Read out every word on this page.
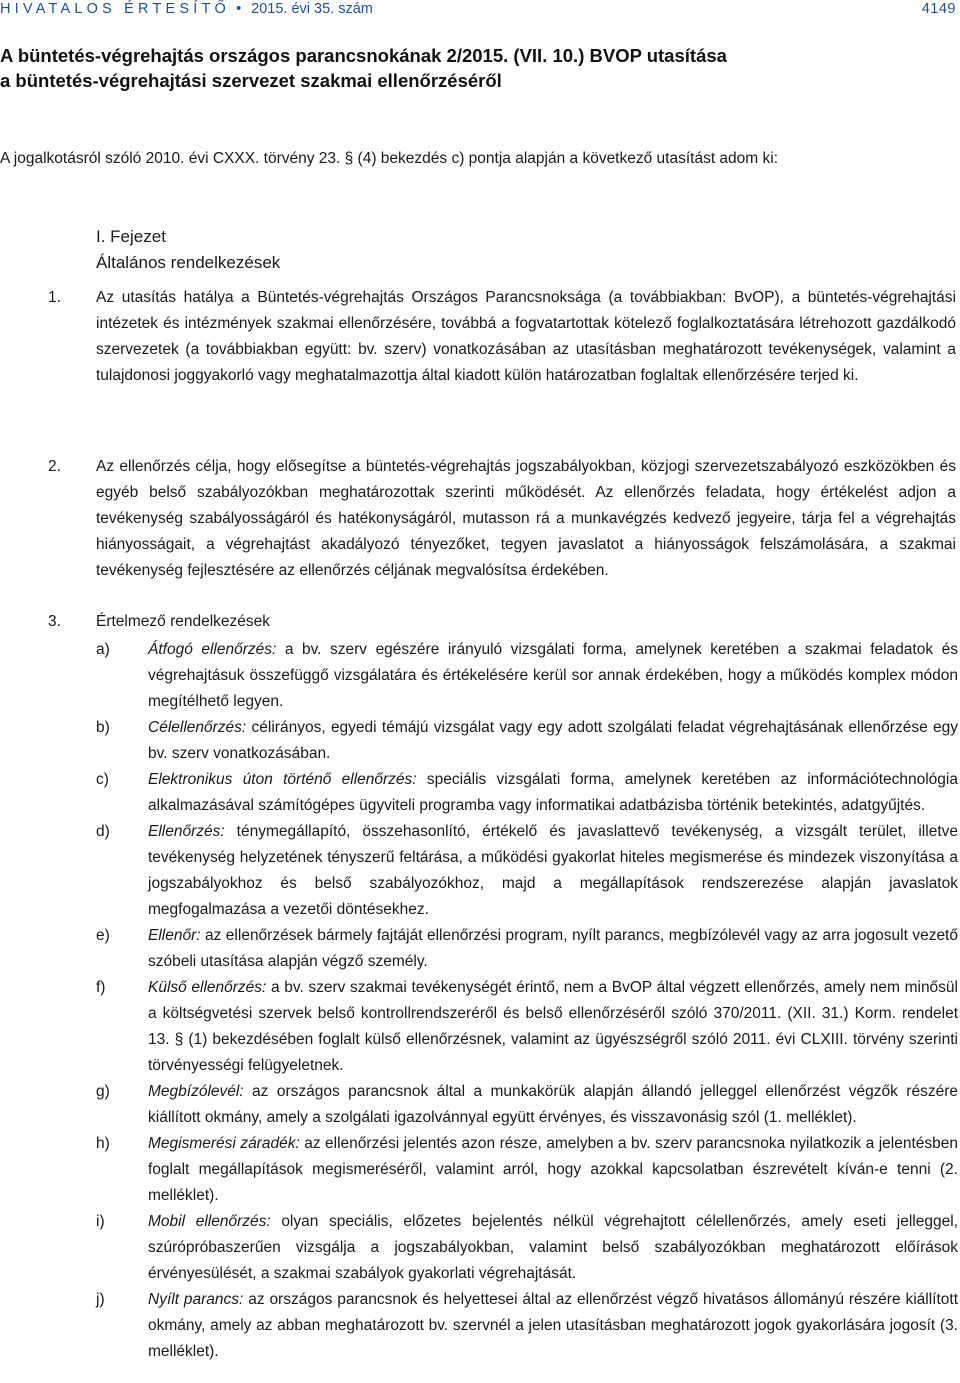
HIVATALOS ÉRTESÍTŐ • 2015. évi 35. szám	4149
A büntetés-végrehajtás országos parancsnokának 2/2015. (VII. 10.) BVOP utasítása
a büntetés-végrehajtási szervezet szakmai ellenőrzéséről
A jogalkotásról szóló 2010. évi CXXX. törvény 23. § (4) bekezdés c) pontja alapján a következő utasítást adom ki:
I. Fejezet
Általános rendelkezések
1. Az utasítás hatálya a Büntetés-végrehajtás Országos Parancsnoksága (a továbbiakban: BvOP), a büntetés-végrehajtási intézetek és intézmények szakmai ellenőrzésére, továbbá a fogvatartottak kötelező foglalkoztatására létrehozott gazdálkodó szervezetek (a továbbiakban együtt: bv. szerv) vonatkozásában az utasításban meghatározott tevékenységek, valamint a tulajdonosi joggyakorló vagy meghatalmazottja által kiadott külön határozatban foglaltak ellenőrzésére terjed ki.
2. Az ellenőrzés célja, hogy elősegítse a büntetés-végrehajtás jogszabályokban, közjogi szervezetszabályozó eszközökben és egyéb belső szabályozókban meghatározottak szerinti működését. Az ellenőrzés feladata, hogy értékelést adjon a tevékenység szabályosságáról és hatékonyságáról, mutasson rá a munkavégzés kedvező jegyeire, tárja fel a végrehajtás hiányosságait, a végrehajtást akadályozó tényezőket, tegyen javaslatot a hiányosságok felszámolására, a szakmai tevékenység fejlesztésére az ellenőrzés céljának megvalósítsa érdekében.
3. Értelmező rendelkezések
a) Átfogó ellenőrzés: a bv. szerv egészére irányuló vizsgálati forma, amelynek keretében a szakmai feladatok és végrehajtásuk összefüggő vizsgálatára és értékelésére kerül sor annak érdekében, hogy a működés komplex módon megítélhető legyen.
b) Célellenőrzés: célirányos, egyedi témájú vizsgálat vagy egy adott szolgálati feladat végrehajtásának ellenőrzése egy bv. szerv vonatkozásában.
c)	Elektronikus úton történő ellenőrzés: speciális vizsgálati forma, amelynek keretében az információtechnológia alkalmazásával számítógépes ügyviteli programba vagy informatikai adatbázisba történik betekintés, adatgyűjtés.
d) Ellenőrzés: ténymegállapító, összehasonlító, értékelő és javaslattevő tevékenység, a vizsgált terület, illetve tevékenység helyzetének tényszerű feltárása, a működési gyakorlat hiteles megismerése és mindezek viszonyítása a jogszabályokhoz és belső szabályozókhoz, majd a megállapítások rendszerezése alapján javaslatok megfogalmazása a vezetői döntésekhez.
e) Ellenőr: az ellenőrzések bármely fajtáját ellenőrzési program, nyílt parancs, megbízólevél vagy az arra jogosult vezető szóbeli utasítása alapján végző személy.
f)	Külső ellenőrzés: a bv. szerv szakmai tevékenységét érintő, nem a BvOP által végzett ellenőrzés, amely nem minősül a költségvetési szervek belső kontrollrendszeréről és belső ellenőrzéséről szóló 370/2011. (XII. 31.) Korm. rendelet 13. § (1) bekezdésében foglalt külső ellenőrzésnek, valamint az ügyészségről szóló 2011. évi CLXIII. törvény szerinti törvényességi felügyeletnek.
g) Megbízólevél: az országos parancsnok által a munkakörük alapján állandó jelleggel ellenőrzést végzők részére kiállított okmány, amely a szolgálati igazolvánnyal együtt érvényes, és visszavonásig szól (1. melléklet).
h) Megismerési záradék: az ellenőrzési jelentés azon része, amelyben a bv. szerv parancsnoka nyilatkozik a jelentésben foglalt megállapítások megismeréséről, valamint arról, hogy azokkal kapcsolatban észrevételt kíván-e tenni (2. melléklet).
i)	Mobil ellenőrzés: olyan speciális, előzetes bejelentés nélkül végrehajtott célellenőrzés, amely eseti jelleggel, szúrópróbaszerűen vizsgálja a jogszabályokban, valamint belső szabályozókban meghatározott előírások érvényesülését, a szakmai szabályok gyakorlati végrehajtását.
j)	Nyílt parancs: az országos parancsnok és helyettesei által az ellenőrzést végző hivatásos állományú részére kiállított okmány, amely az abban meghatározott bv. szervnél a jelen utasításban meghatározott jogok gyakorlására jogosít (3. melléklet).
